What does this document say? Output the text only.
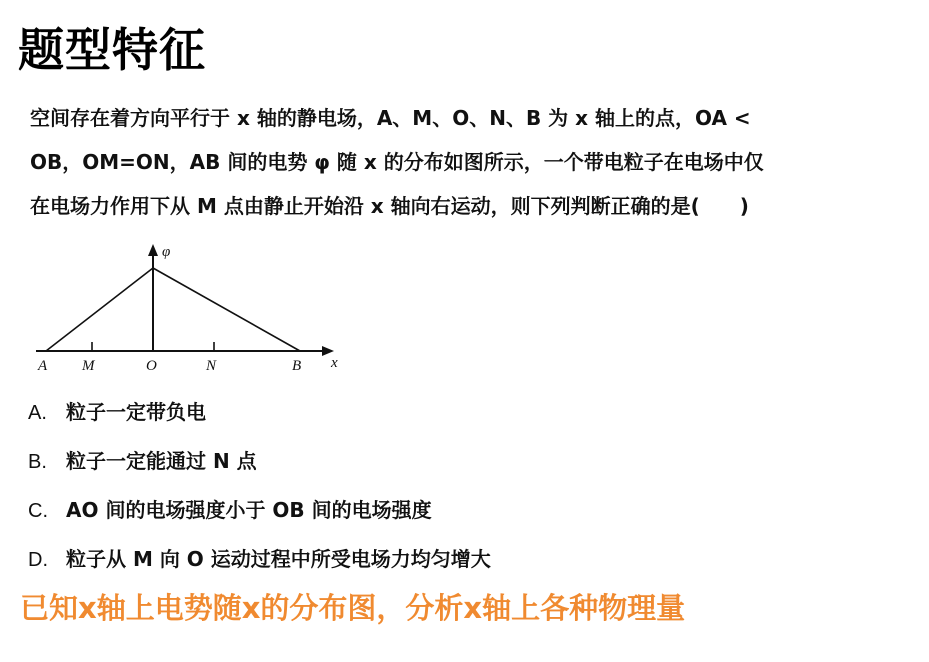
题型特征
空间存在着方向平行于 x 轴的静电场，A、M、O、N、B 为 x 轴上的点，OA <
OB，OM=ON，AB 间的电势 φ 随 x 的分布如图所示，一个带电粒子在电场中仅
在电场力作用下从 M 点由静止开始沿 x 轴向右运动，则下列判断正确的是(　　)
φ
x
A M	O	N	B
A. 粒子一定带负电
B. 粒子一定能通过 N 点
C. AO 间的电场强度小于 OB 间的电场强度
D. 粒子从 M 向 O 运动过程中所受电场力均匀增大
已知x轴上电势随x的分布图，分析x轴上各种物理量
